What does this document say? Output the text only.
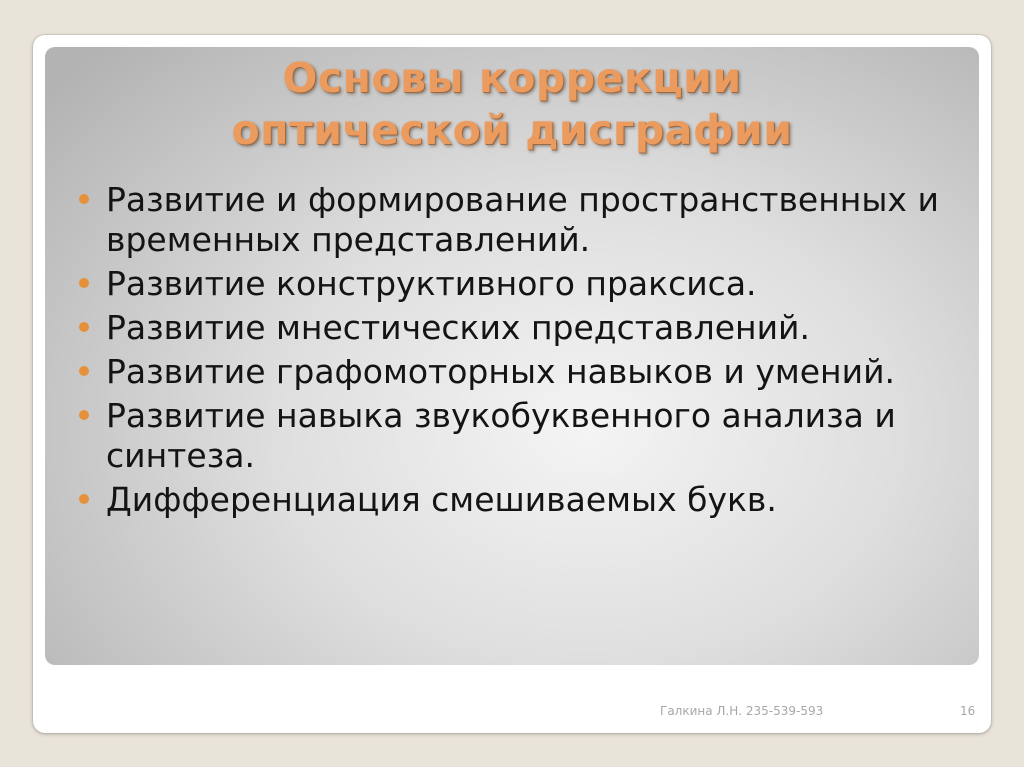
Основы коррекции
оптической дисграфии
Развитие и формирование пространственных и временных представлений.
Развитие конструктивного праксиса.
Развитие мнестических представлений.
Развитие графомоторных навыков и умений.
Развитие навыка звукобуквенного анализа и синтеза.
Дифференциация смешиваемых букв.

Галкина Л.Н. 235-539-593	16
